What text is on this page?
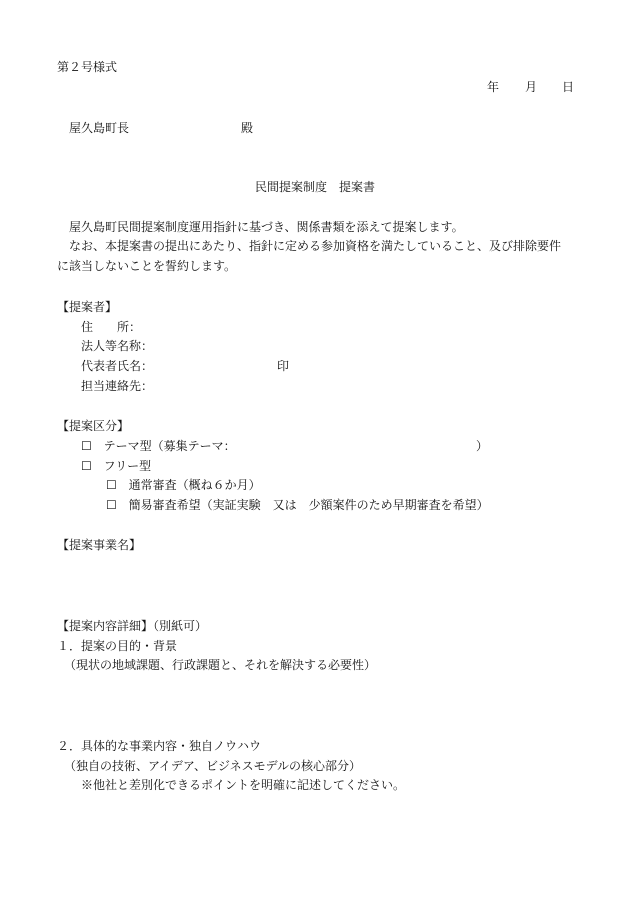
第２号様式
年 月 日
屋久島町長	殿
民間提案制度　提案書
屋久島町民間提案制度運用指針に基づき、関係書類を添えて提案します。
なお、本提案書の提出にあたり、指針に定める参加資格を満たしていること、及び排除要件
に該当しないことを誓約します。
【提案者】
住　　所：
法人等名称：
代表者氏名：	印
担当連絡先：
【提案区分】
☐ テーマ型（募集テーマ：	）
☐ フリー型
☐ 通常審査（概ね６か月）
☐ 簡易審査希望（実証実験　又は　少額案件のため早期審査を希望）
【提案事業名】
【提案内容詳細】（別紙可）
１．提案の目的・背景
（現状の地域課題、行政課題と、それを解決する必要性）
２．具体的な事業内容・独自ノウハウ
（独自の技術、アイデア、ビジネスモデルの核心部分）
※他社と差別化できるポイントを明確に記述してください。
